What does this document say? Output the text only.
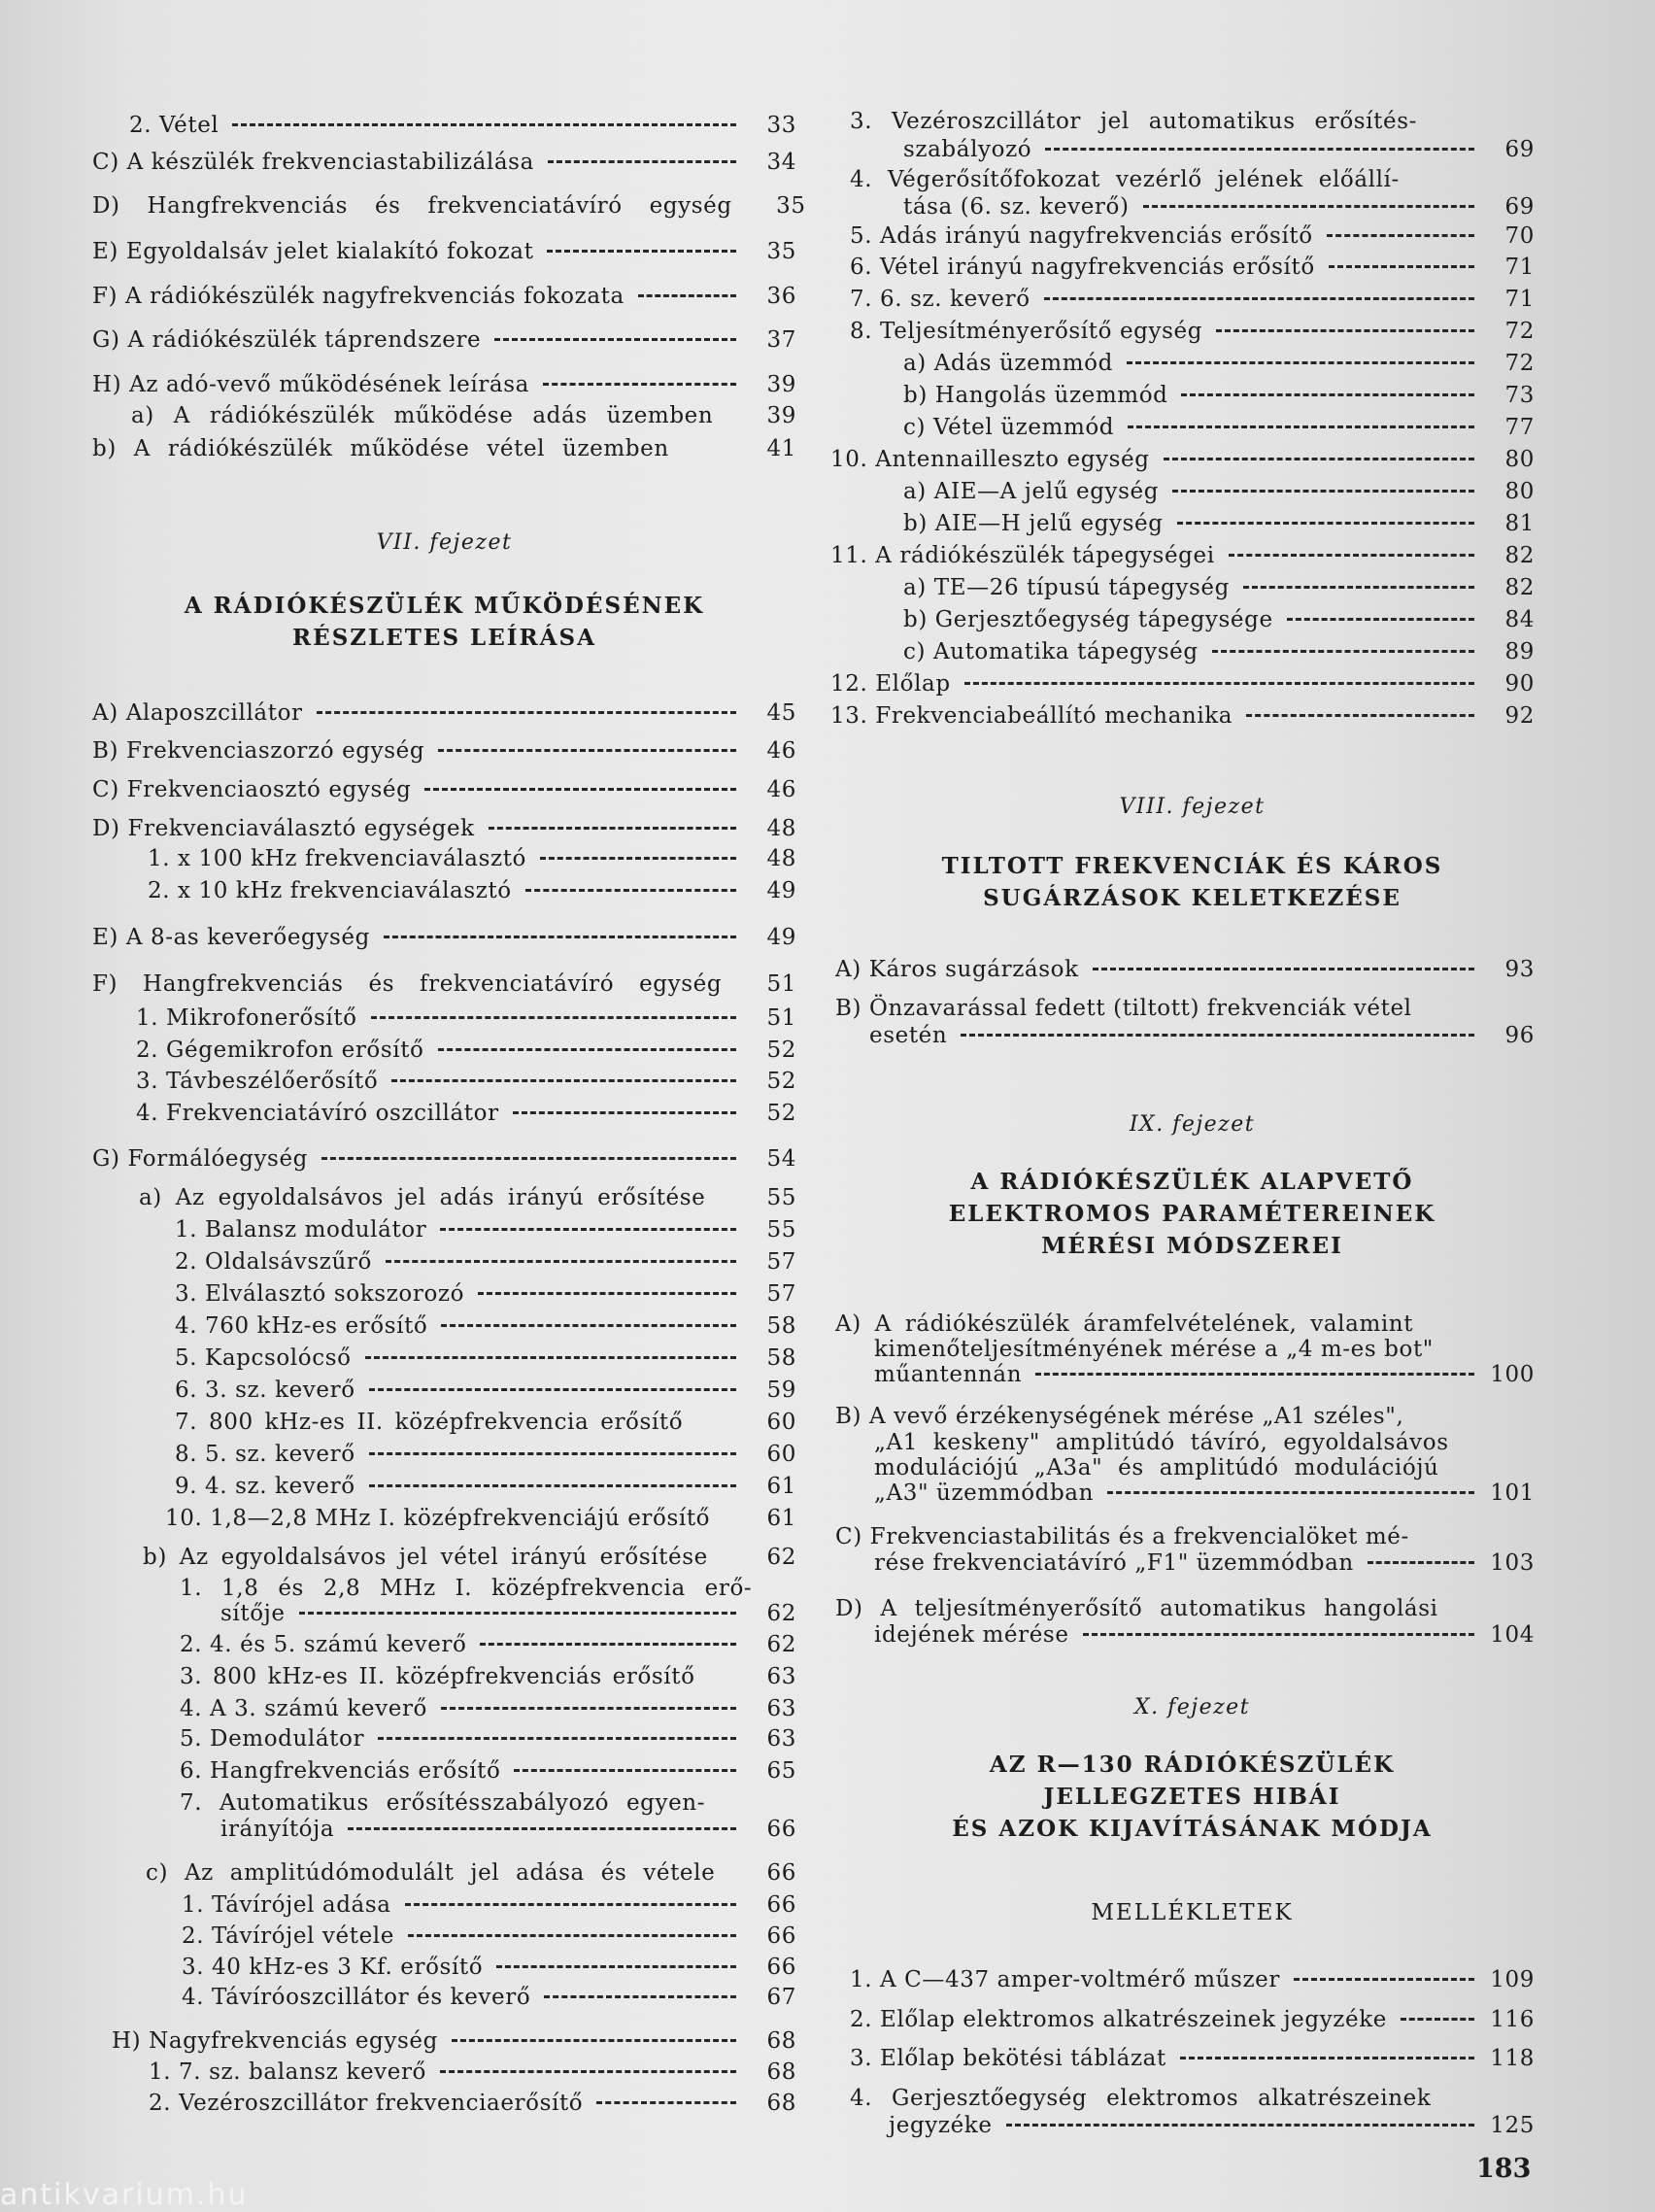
2. Vétel	33
C) A készülék frekvenciastabilizálása	34
D) Hangfrekvenciás és frekvenciatávíró egység	35
E) Egyoldalsáv jelet kialakító fokozat	35
F) A rádiókészülék nagyfrekvenciás fokozata	36
G) A rádiókészülék táprendszere	37
H) Az adó-vevő működésének leírása	39
a) A rádiókészülék működése adás üzemben	39
b) A rádiókészülék működése vétel üzemben	41
VII. fejezet
A RÁDIÓKÉSZÜLÉK MŰKÖDÉSÉNEK
RÉSZLETES LEÍRÁSA
A) Alaposzcillátor	45
B) Frekvenciaszorzó egység	46
C) Frekvenciaosztó egység	46
D) Frekvenciaválasztó egységek	48
1. x 100 kHz frekvenciaválasztó	48
2. x 10 kHz frekvenciaválasztó	49
E) A 8-as keverőegység	49
F) Hangfrekvenciás és frekvenciatávíró egység	51
1. Mikrofonerősítő	51
2. Gégemikrofon erősítő	52
3. Távbeszélőerősítő	52
4. Frekvenciatávíró oszcillátor	52
G) Formálóegység	54
a) Az egyoldalsávos jel adás irányú erősítése	55
1. Balansz modulátor	55
2. Oldalsávszűrő	57
3. Elválasztó sokszorozó	57
4. 760 kHz-es erősítő	58
5. Kapcsolócső	58
6. 3. sz. keverő	59
7. 800 kHz-es II. középfrekvencia erősítő	60
8. 5. sz. keverő	60
9. 4. sz. keverő	61
10. 1,8—2,8 MHz I. középfrekvenciájú erősítő	61
b) Az egyoldalsávos jel vétel irányú erősítése	62
1. 1,8 és 2,8 MHz I. középfrekvencia erő-
sítője	62
2. 4. és 5. számú keverő	62
3. 800 kHz-es II. középfrekvenciás erősítő	63
4. A 3. számú keverő	63
5. Demodulátor	63
6. Hangfrekvenciás erősítő	65
7. Automatikus erősítésszabályozó egyen-
irányítója	66
c) Az amplitúdómodulált jel adása és vétele	66
1. Távírójel adása	66
2. Távírójel vétele	66
3. 40 kHz-es 3 Kf. erősítő	66
4. Távíróoszcillátor és keverő	67
H) Nagyfrekvenciás egység	68
1. 7. sz. balansz keverő	68
2. Vezéroszcillátor frekvenciaerősítő	68
3. Vezéroszcillátor jel automatikus erősítés-
szabályozó	69
4. Végerősítőfokozat vezérlő jelének előállí-
tása (6. sz. keverő)	69
5. Adás irányú nagyfrekvenciás erősítő	70
6. Vétel irányú nagyfrekvenciás erősítő	71
7. 6. sz. keverő	71
8. Teljesítményerősítő egység	72
a) Adás üzemmód	72
b) Hangolás üzemmód	73
c) Vétel üzemmód	77
10. Antennailleszto egység	80
a) AIE—A jelű egység	80
b) AIE—H jelű egység	81
11. A rádiókészülék tápegységei	82
a) TE—26 típusú tápegység	82
b) Gerjesztőegység tápegysége	84
c) Automatika tápegység	89
12. Előlap	90
13. Frekvenciabeállító mechanika	92
VIII. fejezet
TILTOTT FREKVENCIÁK ÉS KÁROS
SUGÁRZÁSOK KELETKEZÉSE
A) Káros sugárzások	93
B) Önzavarással fedett (tiltott) frekvenciák vétel
esetén	96
IX. fejezet
A RÁDIÓKÉSZÜLÉK ALAPVETŐ
ELEKTROMOS PARAMÉTEREINEK
MÉRÉSI MÓDSZEREI
A) A rádiókészülék áramfelvételének, valamint
kimenőteljesítményének mérése a „4 m-es bot"
műantennán	100
B) A vevő érzékenységének mérése „A1 széles",
„A1 keskeny" amplitúdó távíró, egyoldalsávos
modulációjú „A3a" és amplitúdó modulációjú
„A3" üzemmódban	101
C) Frekvenciastabilitás és a frekvencialöket mé-
rése frekvenciatávíró „F1" üzemmódban	103
D) A teljesítményerősítő automatikus hangolási
idejének mérése	104
X. fejezet
AZ R—130 RÁDIÓKÉSZÜLÉK
JELLEGZETES HIBÁI
ÉS AZOK KIJAVÍTÁSÁNAK MÓDJA
MELLÉKLETEK
1. A C—437 amper-voltmérő műszer	109
2. Előlap elektromos alkatrészeinek jegyzéke	116
3. Előlap bekötési táblázat	118
4. Gerjesztőegység elektromos alkatrészeinek
jegyzéke	125
183
antikvarium.hu
